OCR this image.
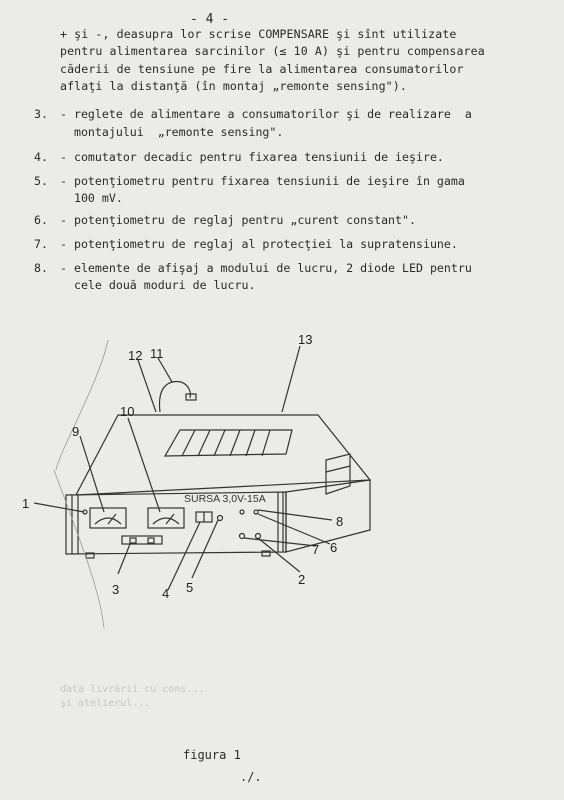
- 4 -
+ şi -, deasupra lor scrise COMPENSARE şi sînt utilizate
pentru alimentarea sarcinilor (≤ 10 A) şi pentru compensarea
căderii de tensiune pe fire la alimentarea consumatorilor
aflaţi la distanţă (în montaj „remonte sensing").
3. - reglete de alimentare a consumatorilor şi de realizare  a
montajului  „remonte sensing".
4. - comutator decadic pentru fixarea tensiunii de ieşire.
5. - potenţiometru pentru fixarea tensiunii de ieşire în gama
100 mV.
6. - potenţiometru de reglaj pentru „curent constant".
7. - potenţiometru de reglaj al protecţiei la supratensiune.
8. - elemente de afişaj a modului de lucru, 2 diode LED pentru
cele două moduri de lucru.
SURSA 3,0V-15A
1
2
3	4 5
6
7
8
9
10
11
12
13
data livrării cu cons...
şi atelierul...
figura 1
./.
